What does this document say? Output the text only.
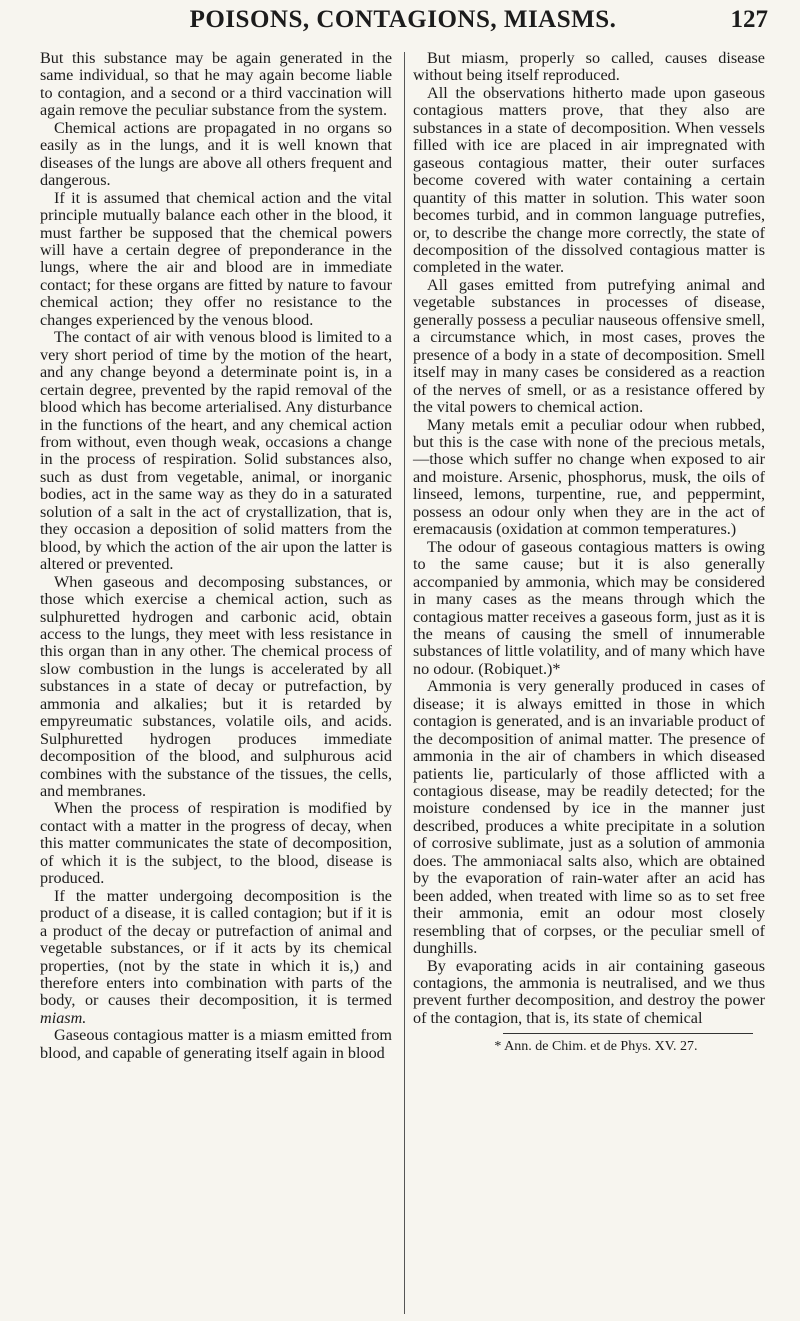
POISONS, CONTAGIONS, MIASMS.	127

But this substance may be again generated in the same individual, so that he may again become liable to contagion, and a second or a third vaccination will again remove the peculiar substance from the system.

Chemical actions are propagated in no organs so easily as in the lungs, and it is well known that diseases of the lungs are above all others frequent and dangerous.

If it is assumed that chemical action and the vital principle mutually balance each other in the blood, it must farther be supposed that the chemical powers will have a certain degree of preponderance in the lungs, where the air and blood are in immediate contact; for these organs are fitted by nature to favour chemical action; they offer no resistance to the changes experienced by the venous blood.

The contact of air with venous blood is limited to a very short period of time by the motion of the heart, and any change beyond a determinate point is, in a certain degree, prevented by the rapid removal of the blood which has become arterialised. Any disturbance in the functions of the heart, and any chemical action from without, even though weak, occasions a change in the process of respiration. Solid substances also, such as dust from vegetable, animal, or inorganic bodies, act in the same way as they do in a saturated solution of a salt in the act of crystallization, that is, they occasion a deposition of solid matters from the blood, by which the action of the air upon the latter is altered or prevented.

When gaseous and decomposing substances, or those which exercise a chemical action, such as sulphuretted hydrogen and carbonic acid, obtain access to the lungs, they meet with less resistance in this organ than in any other. The chemical process of slow combustion in the lungs is accelerated by all substances in a state of decay or putrefaction, by ammonia and alkalies; but it is retarded by empyreumatic substances, volatile oils, and acids. Sulphuretted hydrogen produces immediate decomposition of the blood, and sulphurous acid combines with the substance of the tissues, the cells, and membranes.

When the process of respiration is modified by contact with a matter in the progress of decay, when this matter communicates the state of decomposition, of which it is the subject, to the blood, disease is produced.

If the matter undergoing decomposition is the product of a disease, it is called contagion; but if it is a product of the decay or putrefaction of animal and vegetable substances, or if it acts by its chemical properties, (not by the state in which it is,) and therefore enters into combination with parts of the body, or causes their decomposition, it is termed miasm.

Gaseous contagious matter is a miasm emitted from blood, and capable of generating itself again in blood

But miasm, properly so called, causes disease without being itself reproduced.

All the observations hitherto made upon gaseous contagious matters prove, that they also are substances in a state of decomposition. When vessels filled with ice are placed in air impregnated with gaseous contagious matter, their outer surfaces become covered with water containing a certain quantity of this matter in solution. This water soon becomes turbid, and in common language putrefies, or, to describe the change more correctly, the state of decomposition of the dissolved contagious matter is completed in the water.

All gases emitted from putrefying animal and vegetable substances in processes of disease, generally possess a peculiar nauseous offensive smell, a circumstance which, in most cases, proves the presence of a body in a state of decomposition. Smell itself may in many cases be considered as a reaction of the nerves of smell, or as a resistance offered by the vital powers to chemical action.

Many metals emit a peculiar odour when rubbed, but this is the case with none of the precious metals,—those which suffer no change when exposed to air and moisture. Arsenic, phosphorus, musk, the oils of linseed, lemons, turpentine, rue, and peppermint, possess an odour only when they are in the act of eremacausis (oxidation at common temperatures.)

The odour of gaseous contagious matters is owing to the same cause; but it is also generally accompanied by ammonia, which may be considered in many cases as the means through which the contagious matter receives a gaseous form, just as it is the means of causing the smell of innumerable substances of little volatility, and of many which have no odour. (Robiquet.)*

Ammonia is very generally produced in cases of disease; it is always emitted in those in which contagion is generated, and is an invariable product of the decomposition of animal matter. The presence of ammonia in the air of chambers in which diseased patients lie, particularly of those afflicted with a contagious disease, may be readily detected; for the moisture condensed by ice in the manner just described, produces a white precipitate in a solution of corrosive sublimate, just as a solution of ammonia does. The ammoniacal salts also, which are obtained by the evaporation of rain-water after an acid has been added, when treated with lime so as to set free their ammonia, emit an odour most closely resembling that of corpses, or the peculiar smell of dunghills.

By evaporating acids in air containing gaseous contagions, the ammonia is neutralised, and we thus prevent further decomposition, and destroy the power of the contagion, that is, its state of chemical

* Ann. de Chim. et de Phys. XV. 27.
